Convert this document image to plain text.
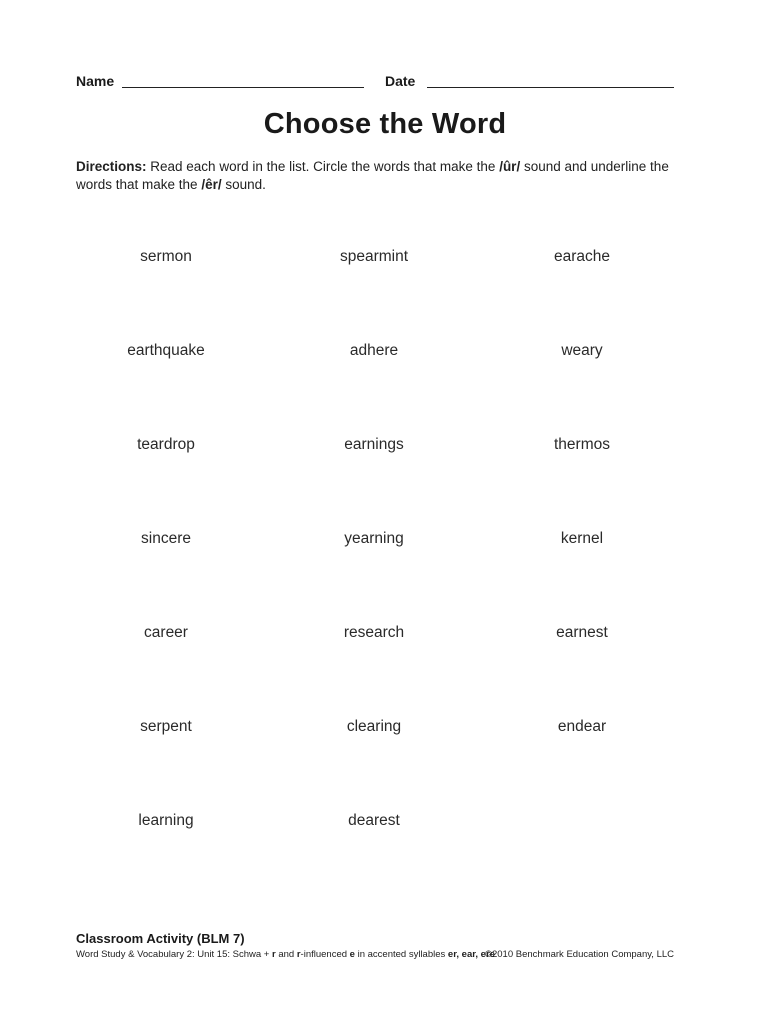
Name	Date
Choose the Word
Directions: Read each word in the list. Circle the words that make the /ûr/ sound and underline the words that make the /êr/ sound.
sermon	spearmint	earache
earthquake	adhere	weary
teardrop	earnings	thermos
sincere	yearning	kernel
career	research	earnest
serpent	clearing	endear
learning	dearest
Classroom Activity (BLM 7)
Word Study & Vocabulary 2: Unit 15: Schwa + r and r-influenced e in accented syllables er, ear, ere
©2010 Benchmark Education Company, LLC
